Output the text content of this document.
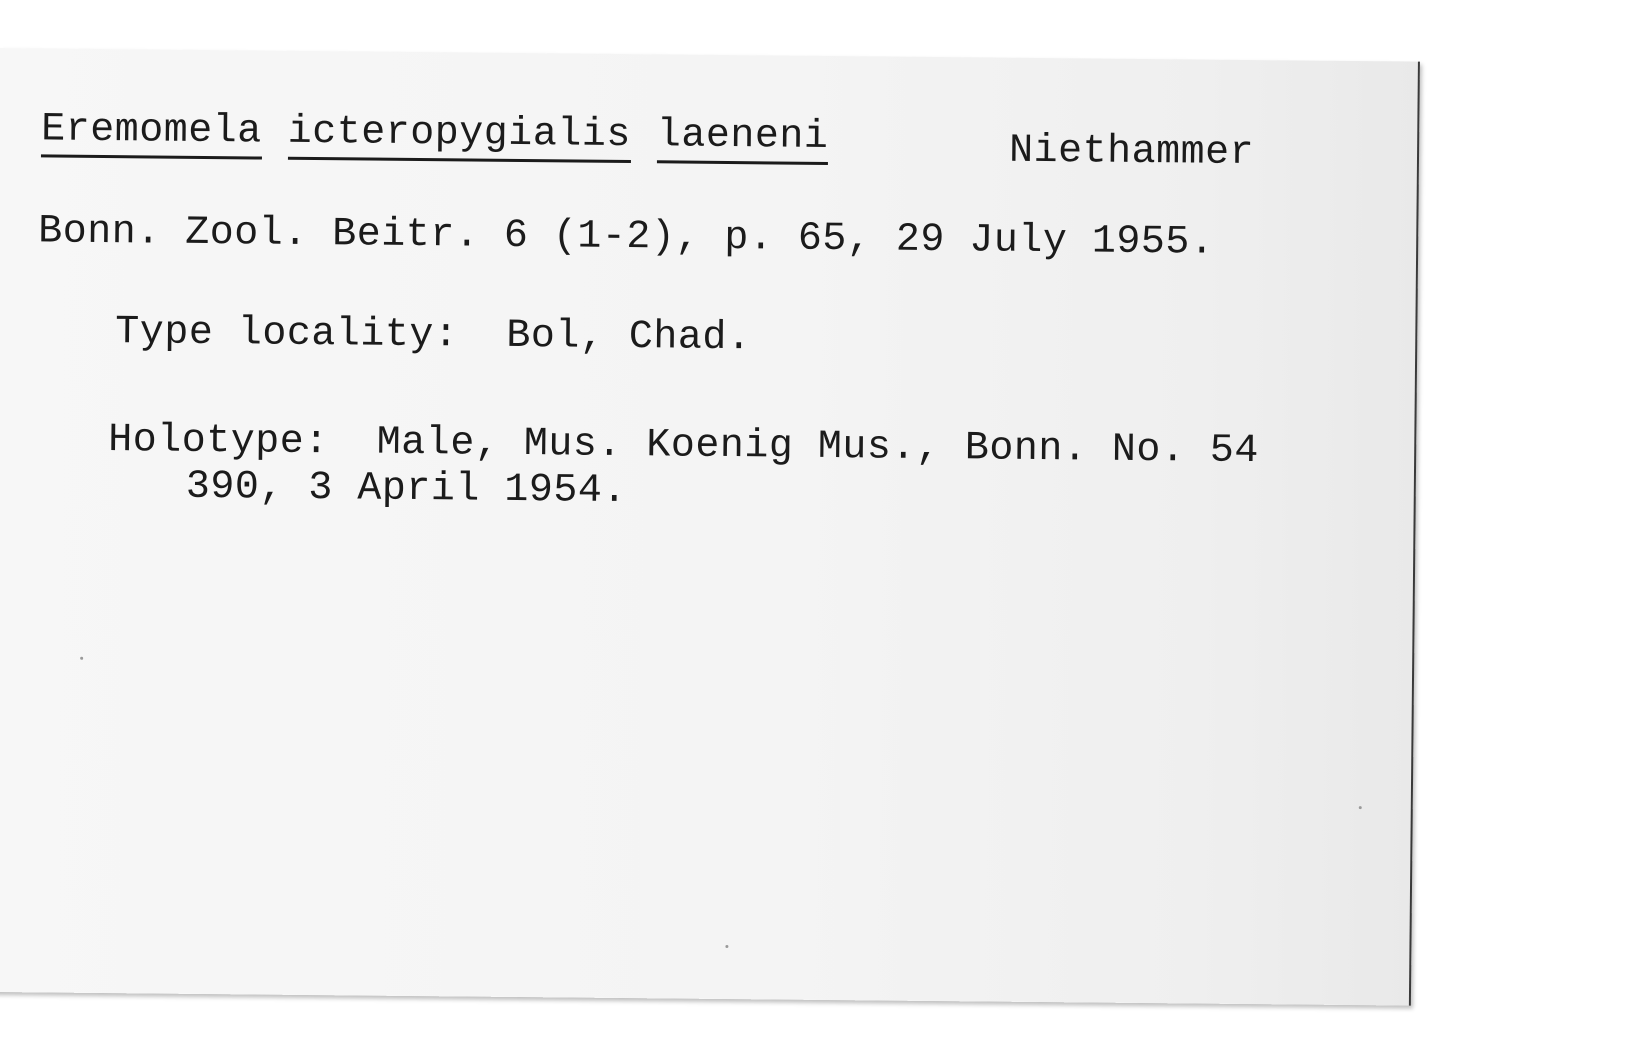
Eremomela icteropygialis laeneni	Niethammer
Bonn. Zool. Beitr. 6 (1-2), p. 65, 29 July 1955.
Type locality: Bol, Chad.
Holotype: Male, Mus. Koenig Mus., Bonn. No. 54
390, 3 April 1954.
